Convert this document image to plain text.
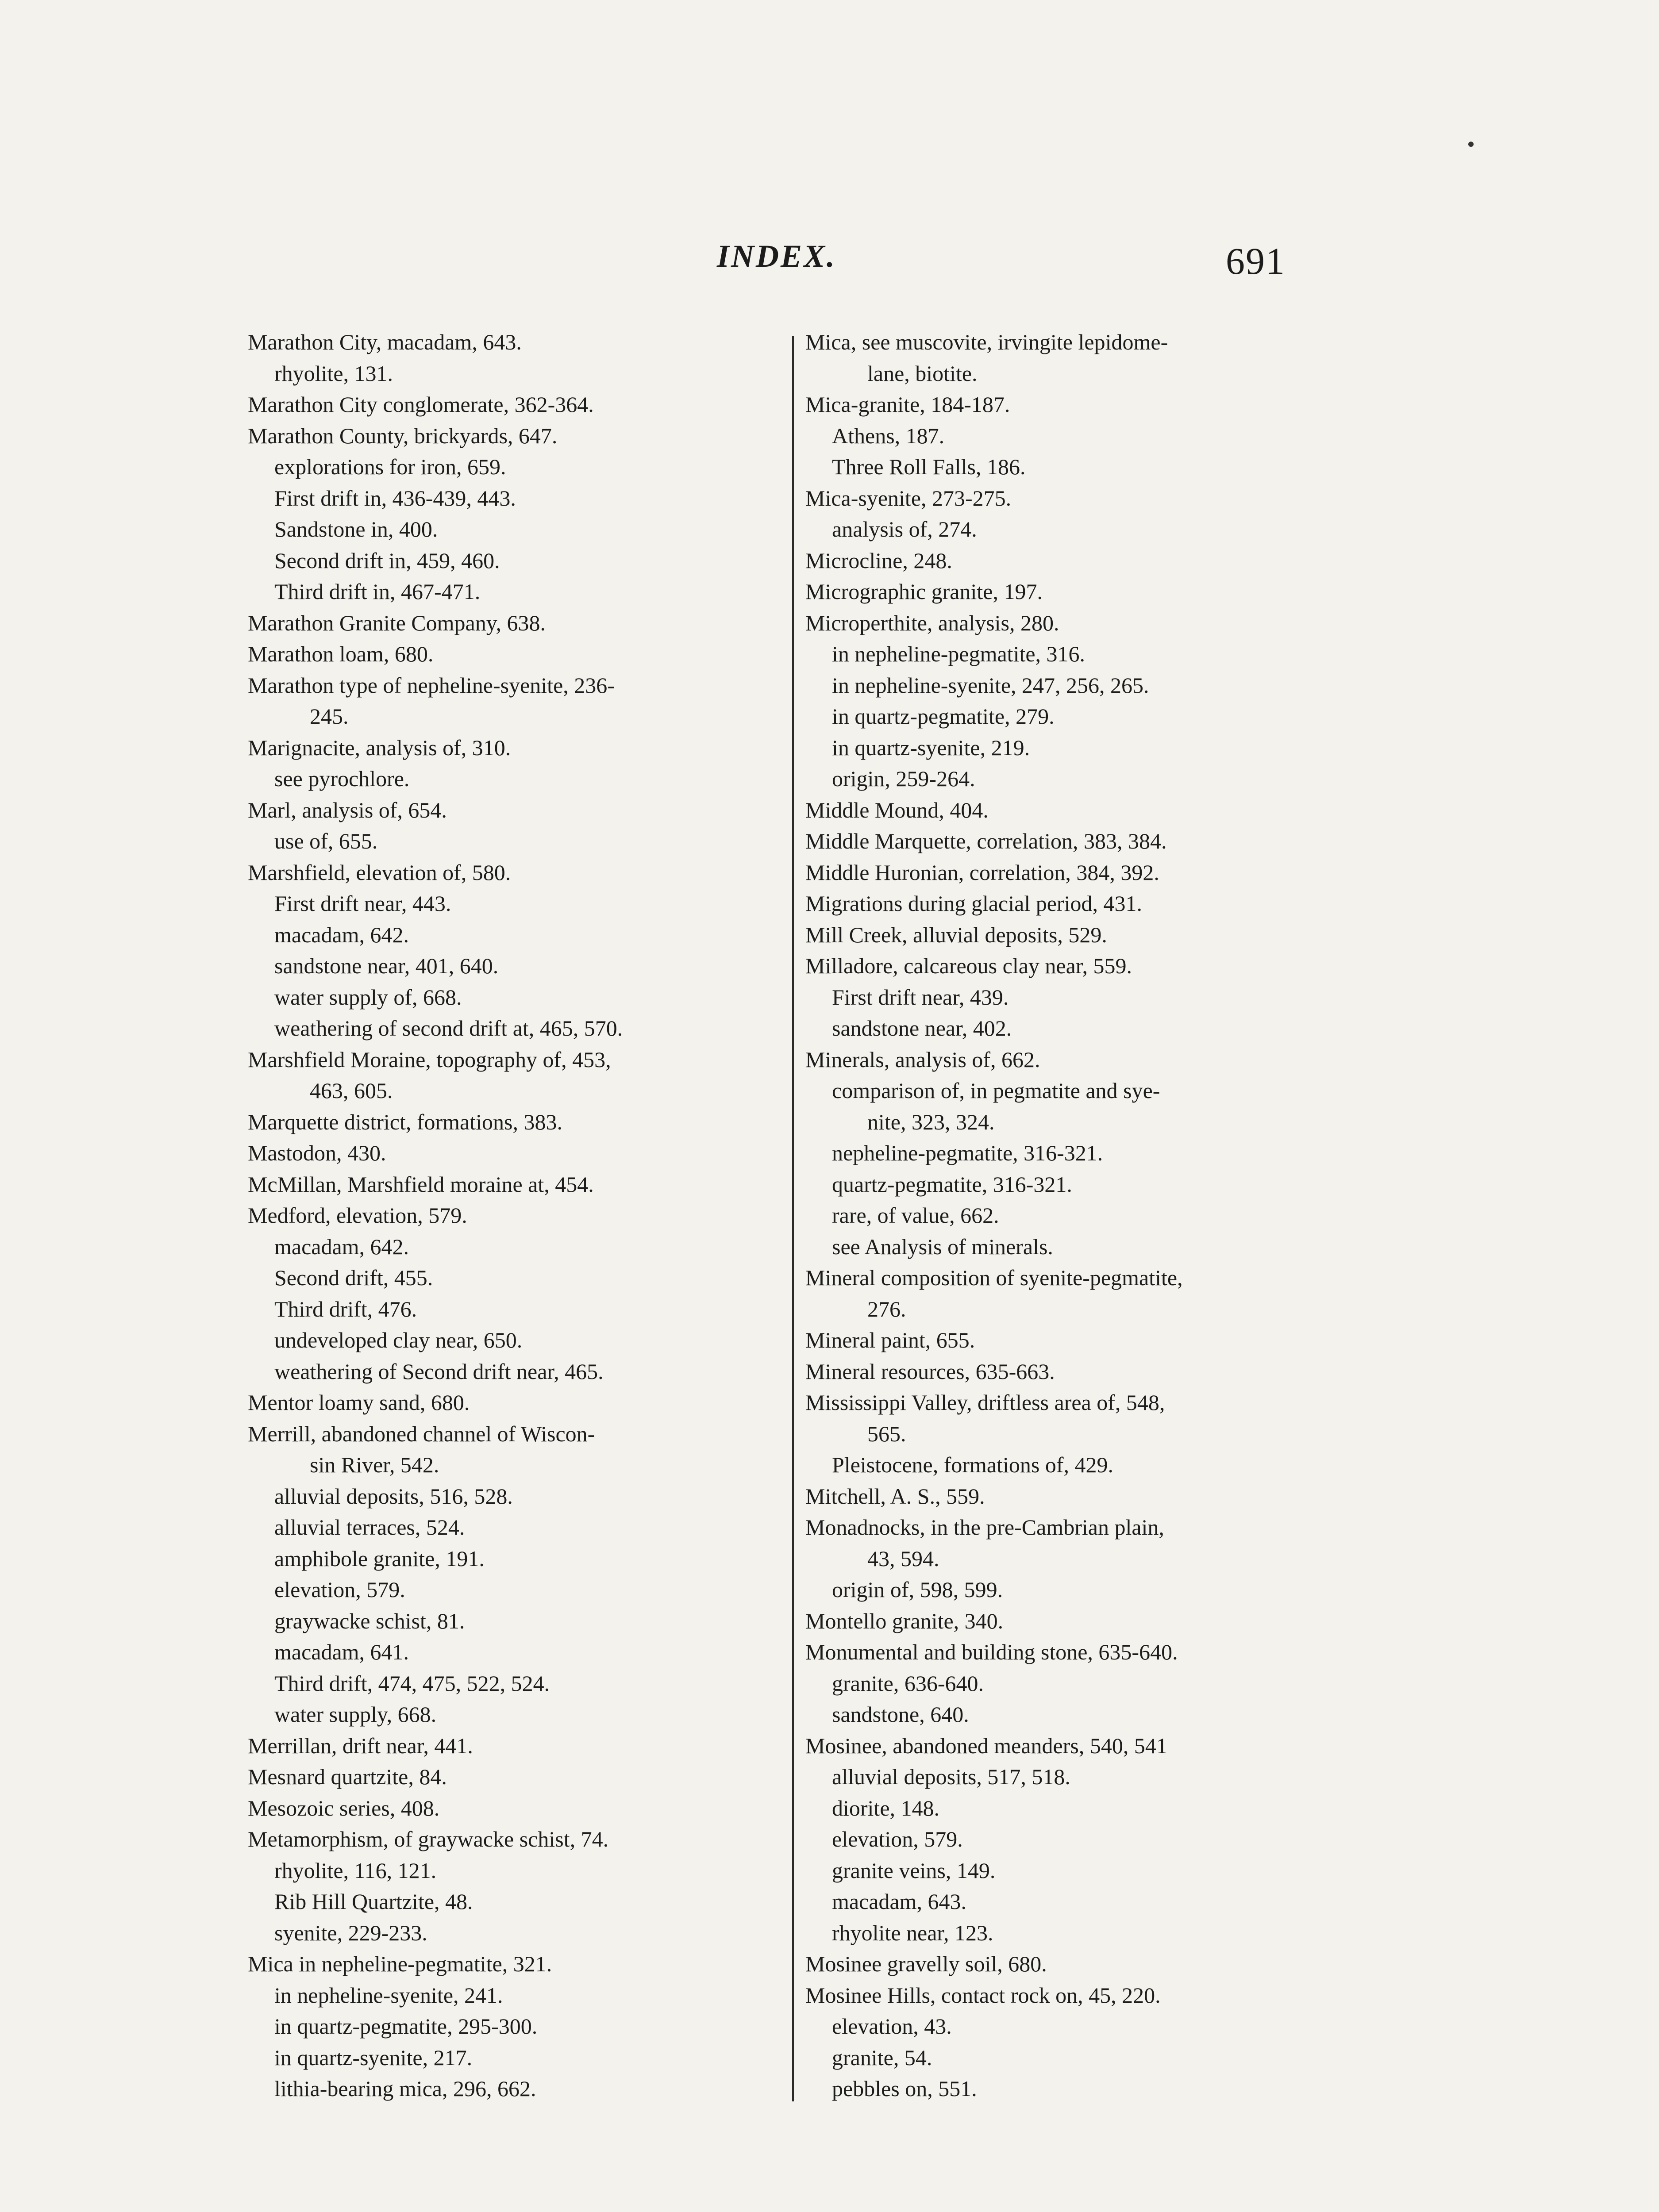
INDEX.	691
Marathon City, macadam, 643.
rhyolite, 131.
Marathon City conglomerate, 362-364.
Marathon County, brickyards, 647.
explorations for iron, 659.
First drift in, 436-439, 443.
Sandstone in, 400.
Second drift in, 459, 460.
Third drift in, 467-471.
Marathon Granite Company, 638.
Marathon loam, 680.
Marathon type of nepheline-syenite, 236-
245.
Marignacite, analysis of, 310.
see pyrochlore.
Marl, analysis of, 654.
use of, 655.
Marshfield, elevation of, 580.
First drift near, 443.
macadam, 642.
sandstone near, 401, 640.
water supply of, 668.
weathering of second drift at, 465, 570.
Marshfield Moraine, topography of, 453,
463, 605.
Marquette district, formations, 383.
Mastodon, 430.
McMillan, Marshfield moraine at, 454.
Medford, elevation, 579.
macadam, 642.
Second drift, 455.
Third drift, 476.
undeveloped clay near, 650.
weathering of Second drift near, 465.
Mentor loamy sand, 680.
Merrill, abandoned channel of Wiscon-
sin River, 542.
alluvial deposits, 516, 528.
alluvial terraces, 524.
amphibole granite, 191.
elevation, 579.
graywacke schist, 81.
macadam, 641.
Third drift, 474, 475, 522, 524.
water supply, 668.
Merrillan, drift near, 441.
Mesnard quartzite, 84.
Mesozoic series, 408.
Metamorphism, of graywacke schist, 74.
rhyolite, 116, 121.
Rib Hill Quartzite, 48.
syenite, 229-233.
Mica in nepheline-pegmatite, 321.
in nepheline-syenite, 241.
in quartz-pegmatite, 295-300.
in quartz-syenite, 217.
lithia-bearing mica, 296, 662.
Mica, see muscovite, irvingite lepidome-
lane, biotite.
Mica-granite, 184-187.
Athens, 187.
Three Roll Falls, 186.
Mica-syenite, 273-275.
analysis of, 274.
Microcline, 248.
Micrographic granite, 197.
Microperthite, analysis, 280.
in nepheline-pegmatite, 316.
in nepheline-syenite, 247, 256, 265.
in quartz-pegmatite, 279.
in quartz-syenite, 219.
origin, 259-264.
Middle Mound, 404.
Middle Marquette, correlation, 383, 384.
Middle Huronian, correlation, 384, 392.
Migrations during glacial period, 431.
Mill Creek, alluvial deposits, 529.
Milladore, calcareous clay near, 559.
First drift near, 439.
sandstone near, 402.
Minerals, analysis of, 662.
comparison of, in pegmatite and sye-
nite, 323, 324.
nepheline-pegmatite, 316-321.
quartz-pegmatite, 316-321.
rare, of value, 662.
see Analysis of minerals.
Mineral composition of syenite-pegmatite,
276.
Mineral paint, 655.
Mineral resources, 635-663.
Mississippi Valley, driftless area of, 548,
565.
Pleistocene, formations of, 429.
Mitchell, A. S., 559.
Monadnocks, in the pre-Cambrian plain,
43, 594.
origin of, 598, 599.
Montello granite, 340.
Monumental and building stone, 635-640.
granite, 636-640.
sandstone, 640.
Mosinee, abandoned meanders, 540, 541
alluvial deposits, 517, 518.
diorite, 148.
elevation, 579.
granite veins, 149.
macadam, 643.
rhyolite near, 123.
Mosinee gravelly soil, 680.
Mosinee Hills, contact rock on, 45, 220.
elevation, 43.
granite, 54.
pebbles on, 551.
